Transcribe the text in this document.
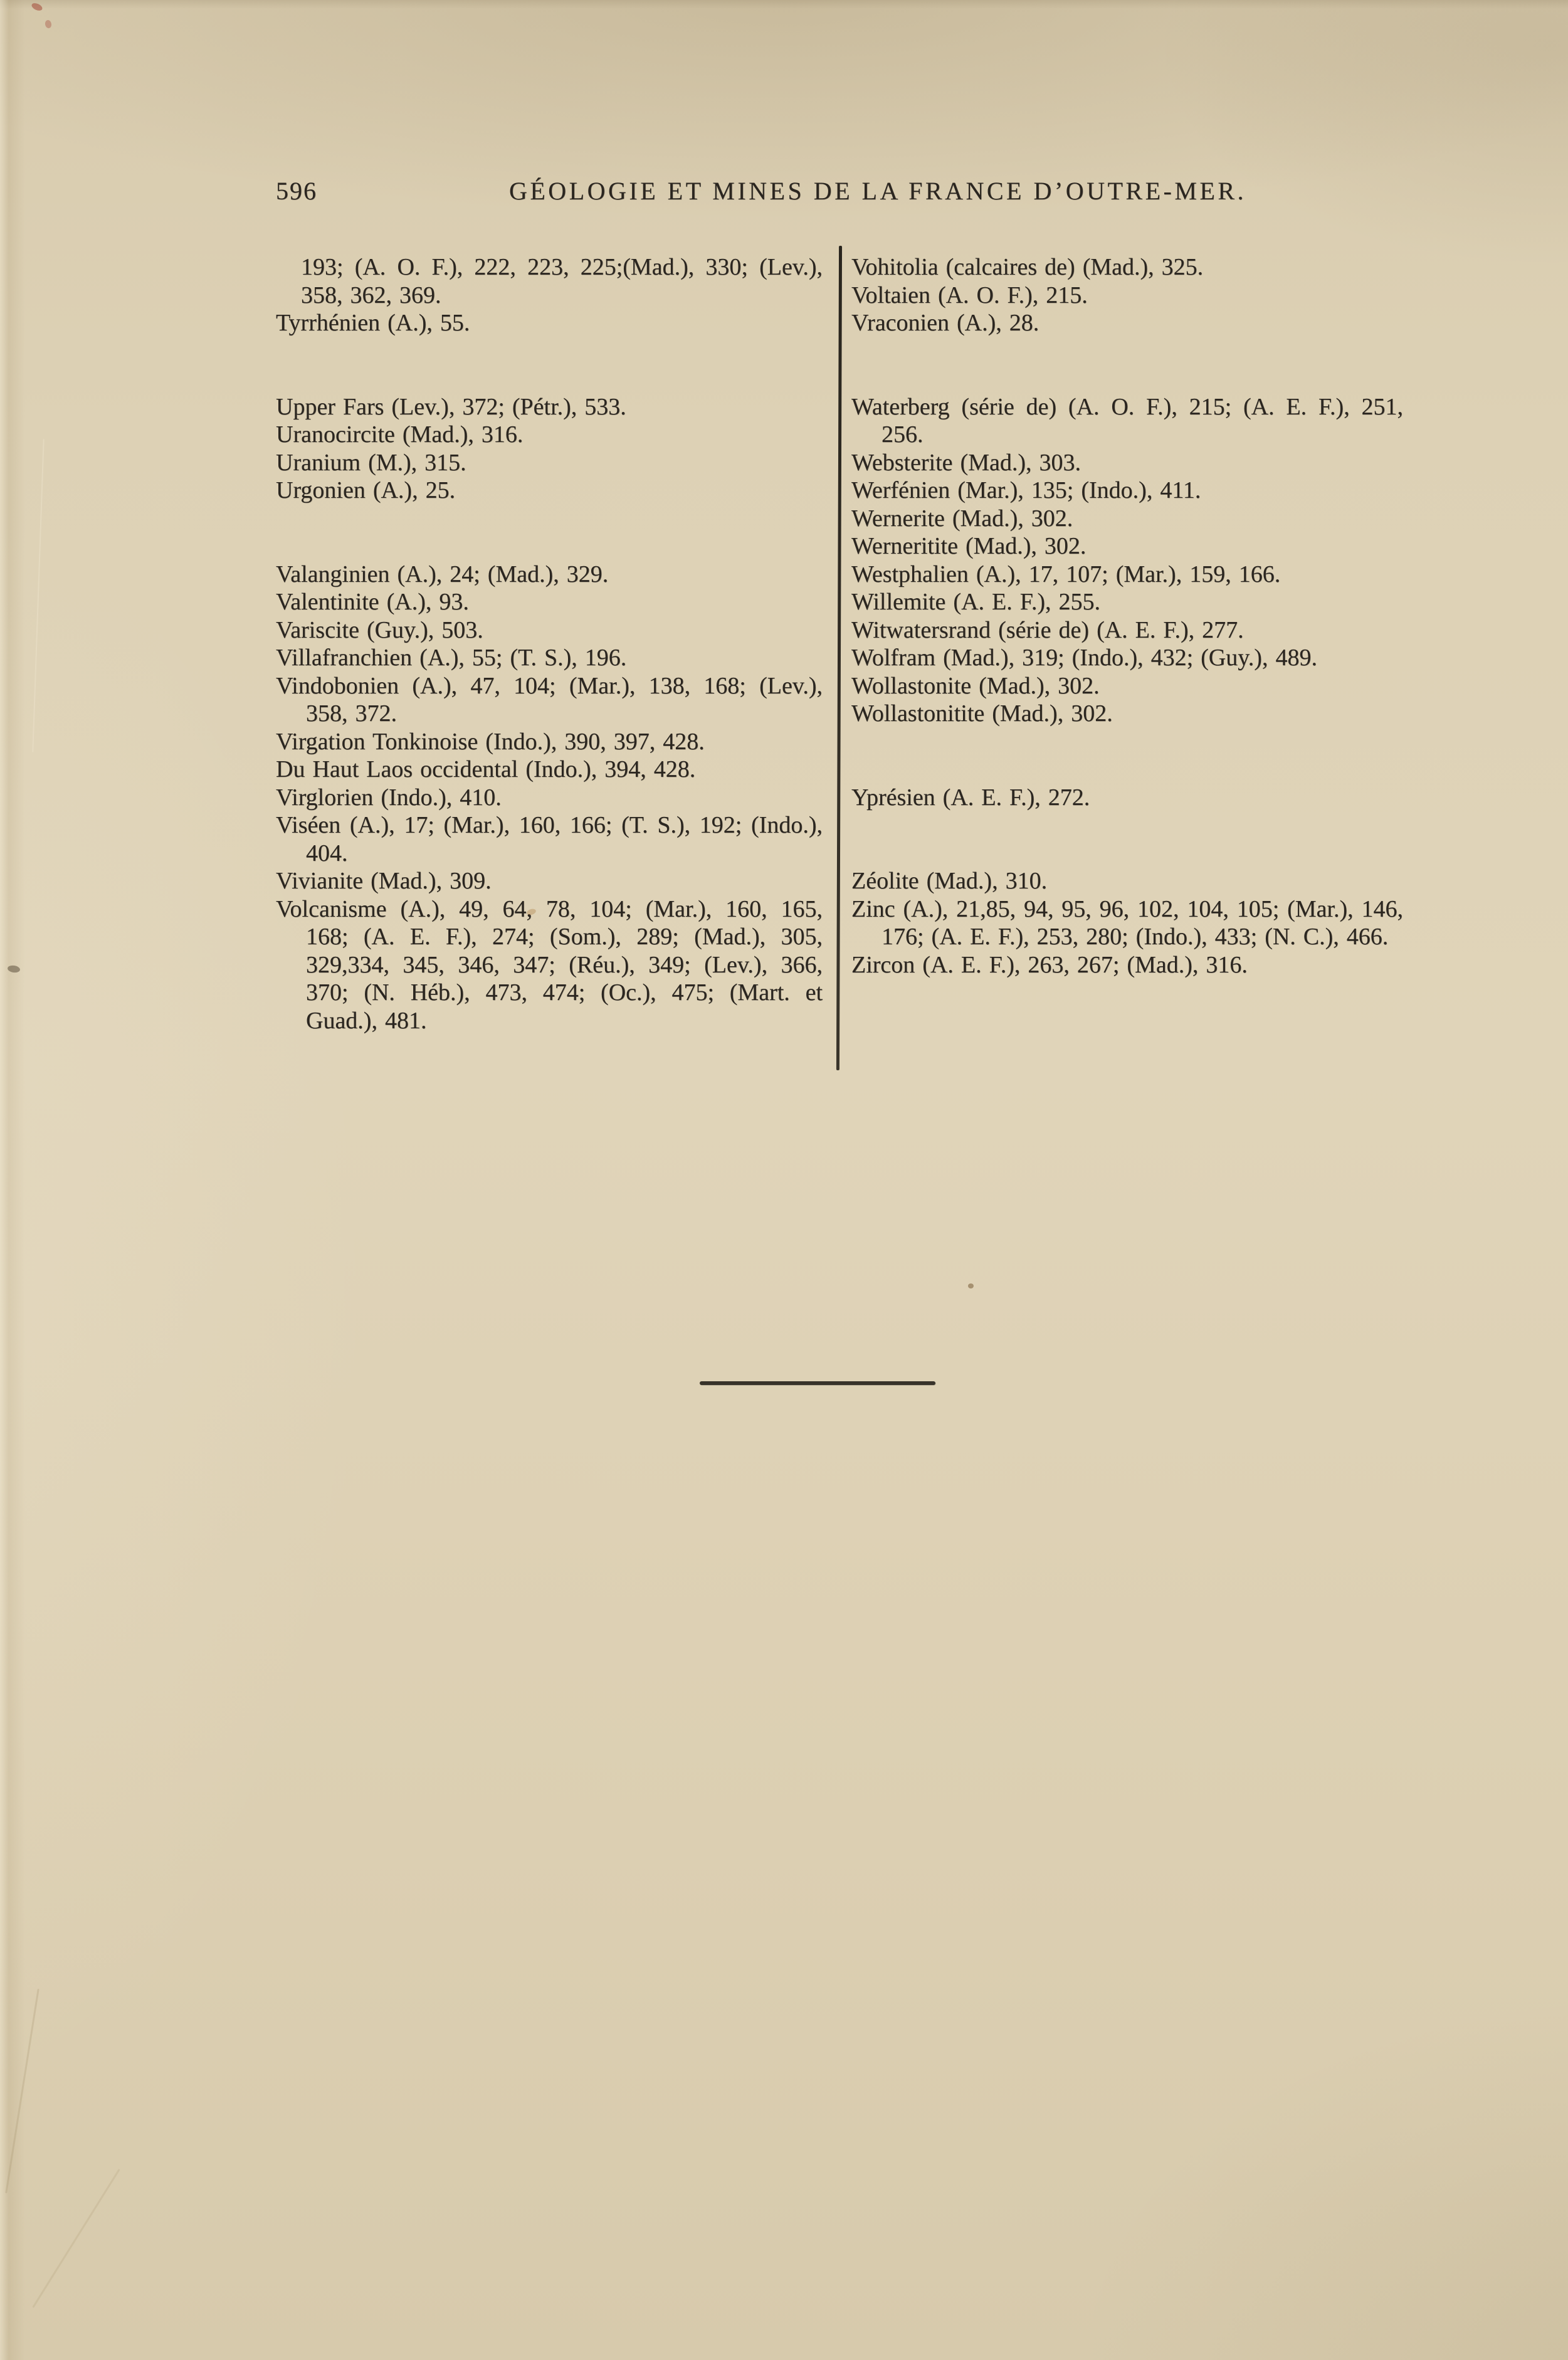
596	GÉOLOGIE ET MINES DE LA FRANCE D’OUTRE-MER.

193; (A. O. F.), 222, 223, 225;(Mad.), 330; (Lev.), 358, 362, 369.

Tyrrhénien (A.), 55.

Upper Fars (Lev.), 372; (Pétr.), 533.

Uranocircite (Mad.), 316.

Uranium (M.), 315.

Urgonien (A.), 25.

Valanginien (A.), 24; (Mad.), 329.

Valentinite (A.), 93.

Variscite (Guy.), 503.

Villafranchien (A.), 55; (T. S.), 196.

Vindobonien (A.), 47, 104; (Mar.), 138, 168; (Lev.), 358, 372.

Virgation Tonkinoise (Indo.), 390, 397, 428.

Du Haut Laos occidental (Indo.), 394, 428.

Virglorien (Indo.), 410.

Viséen (A.), 17; (Mar.), 160, 166; (T. S.), 192; (Indo.), 404.

Vivianite (Mad.), 309.

Volcanisme (A.), 49, 64, 78, 104; (Mar.), 160, 165, 168; (A. E. F.), 274; (Som.), 289; (Mad.), 305, 329,334, 345, 346, 347; (Réu.), 349; (Lev.), 366, 370; (N. Héb.), 473, 474; (Oc.), 475; (Mart. et Guad.), 481.

Vohitolia (calcaires de) (Mad.), 325.

Voltaien (A. O. F.), 215.

Vraconien (A.), 28.

Waterberg (série de) (A. O. F.), 215; (A. E. F.), 251, 256.

Websterite (Mad.), 303.

Werfénien (Mar.), 135; (Indo.), 411.

Wernerite (Mad.), 302.

Werneritite (Mad.), 302.

Westphalien (A.), 17, 107; (Mar.), 159, 166.

Willemite (A. E. F.), 255.

Witwatersrand (série de) (A. E. F.), 277.

Wolfram (Mad.), 319; (Indo.), 432; (Guy.), 489.

Wollastonite (Mad.), 302.

Wollastonitite (Mad.), 302.

Yprésien (A. E. F.), 272.

Zéolite (Mad.), 310.

Zinc (A.), 21,85, 94, 95, 96, 102, 104, 105; (Mar.), 146, 176; (A. E. F.), 253, 280; (Indo.), 433; (N. C.), 466.

Zircon (A. E. F.), 263, 267; (Mad.), 316.
